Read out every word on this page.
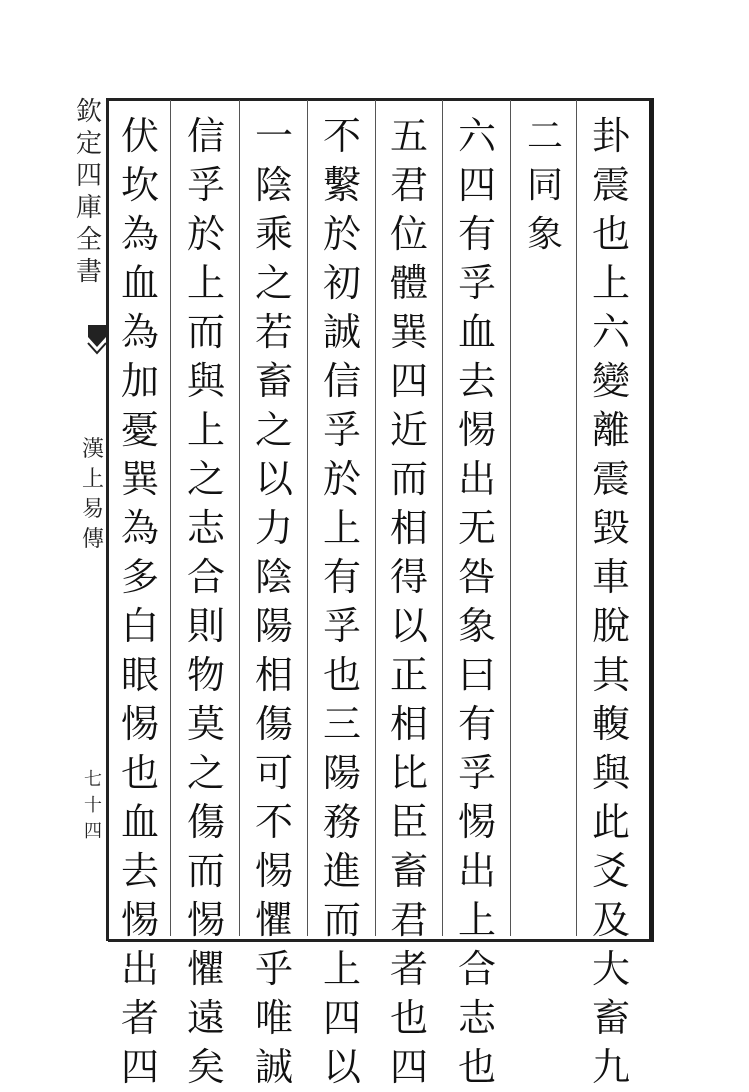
欽
定
四
庫
全
書
漢
上
易
傳
七十四
卦
震
也
上
六
變
離
震
毀
車
脫
其
輹
與
此
爻
及
大
畜
九
二
同
象
六
四
有
孚
血
去
惕
出
无
咎
象
曰
有
孚
惕
出
上
合
志
也
五
君
位
體
巽
四
近
而
相
得
以
正
相
比
臣
畜
君
者
也
四
不
繫
於
初
誠
信
孚
於
上
有
孚
也
三
陽
務
進
而
上
四
以
一
陰
乘
之
若
畜
之
以
力
陰
陽
相
傷
可
不
惕
懼
乎
唯
誠
信
孚
於
上
而
與
上
之
志
合
則
物
莫
之
傷
而
惕
懼
遠
矣
伏
坎
為
血
為
加
憂
巽
為
多
白
眼
惕
也
血
去
惕
出
者
四
